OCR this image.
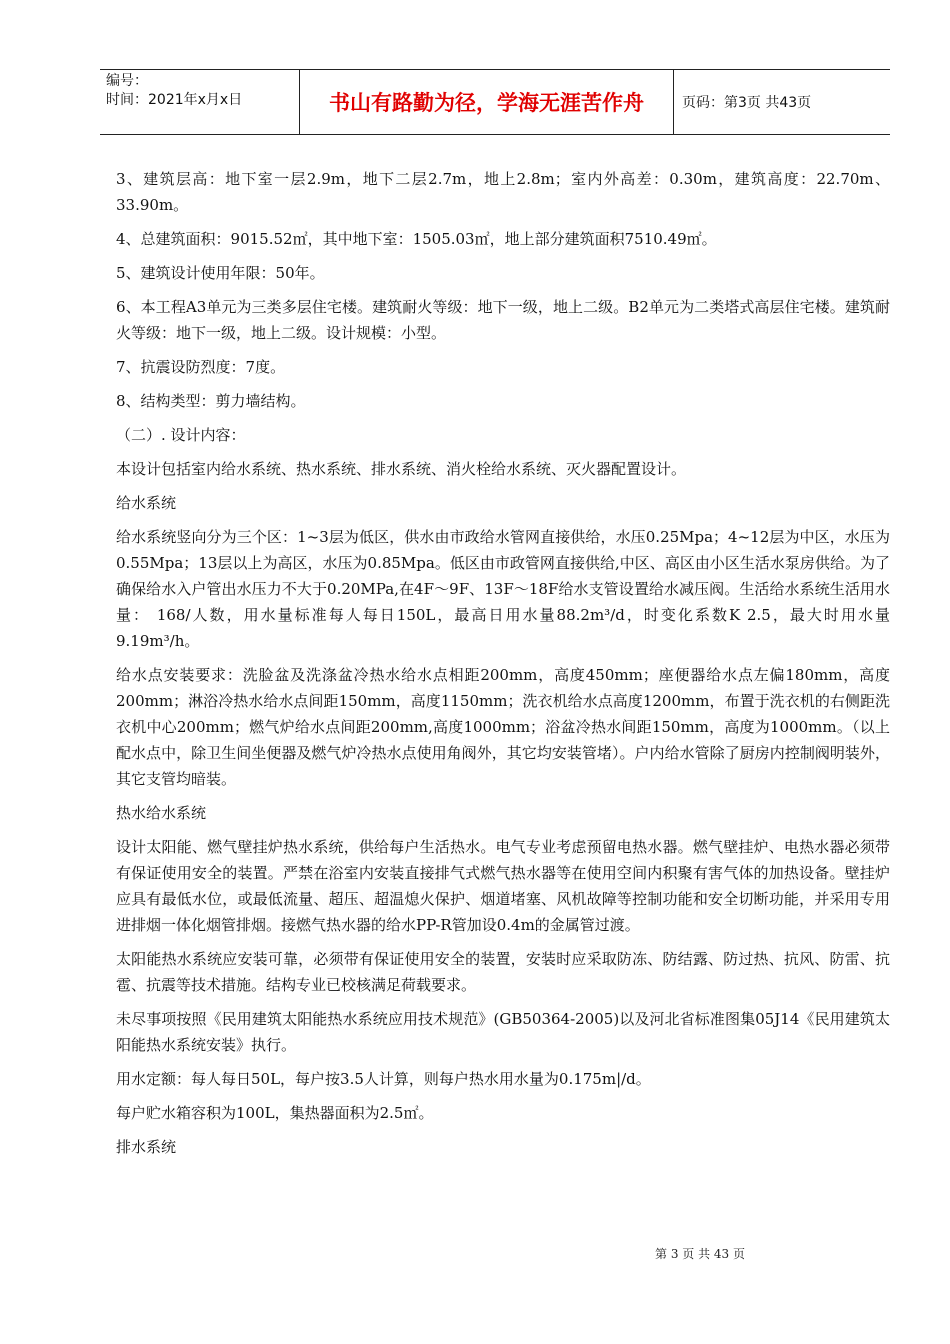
编号：
时间：2021年x月x日	书山有路勤为径，学海无涯苦作舟	页码：第3页 共43页

3、建筑层高：地下室一层2.9m，地下二层2.7m，地上2.8m；室内外高差：0.30m，建筑高度：22.70m、33.90m。

4、总建筑面积：9015.52㎡，其中地下室：1505.03㎡，地上部分建筑面积7510.49㎡。

5、建筑设计使用年限：50年。

6、本工程A3单元为三类多层住宅楼。建筑耐火等级：地下一级，地上二级。B2单元为二类塔式高层住宅楼。建筑耐火等级：地下一级，地上二级。设计规模：小型。

7、抗震设防烈度：7度。

8、结构类型：剪力墙结构。

（二）. 设计内容：

本设计包括室内给水系统、热水系统、排水系统、消火栓给水系统、灭火器配置设计。

给水系统

给水系统竖向分为三个区：1~3层为低区，供水由市政给水管网直接供给，水压0.25Mpa；4~12层为中区，水压为0.55Mpa；13层以上为高区，水压为0.85Mpa。低区由市政管网直接供给,中区、高区由小区生活水泵房供给。为了确保给水入户管出水压力不大于0.20MPa,在4F～9F、13F～18F给水支管设置给水减压阀。生活给水系统生活用水量： 168/人数，用水量标准每人每日150L，最高日用水量88.2m³/d，时变化系数K 2.5，最大时用水量9.19m³/h。

给水点安装要求：洗脸盆及洗涤盆冷热水给水点相距200mm，高度450mm；座便器给水点左偏180mm，高度200mm；淋浴冷热水给水点间距150mm，高度1150mm；洗衣机给水点高度1200mm，布置于洗衣机的右侧距洗衣机中心200mm；燃气炉给水点间距200mm,高度1000mm；浴盆冷热水间距150mm，高度为1000mm。（以上配水点中，除卫生间坐便器及燃气炉冷热水点使用角阀外，其它均安装管堵）。户内给水管除了厨房内控制阀明装外，其它支管均暗装。

热水给水系统

设计太阳能、燃气壁挂炉热水系统，供给每户生活热水。电气专业考虑预留电热水器。燃气壁挂炉、电热水器必须带有保证使用安全的装置。严禁在浴室内安装直接排气式燃气热水器等在使用空间内积聚有害气体的加热设备。壁挂炉应具有最低水位，或最低流量、超压、超温熄火保护、烟道堵塞、风机故障等控制功能和安全切断功能，并采用专用进排烟一体化烟管排烟。接燃气热水器的给水PP-R管加设0.4m的金属管过渡。

太阳能热水系统应安装可靠，必须带有保证使用安全的装置，安装时应采取防冻、防结露、防过热、抗风、防雷、抗雹、抗震等技术措施。结构专业已校核满足荷载要求。

未尽事项按照《民用建筑太阳能热水系统应用技术规范》(GB50364-2005)以及河北省标准图集05J14《民用建筑太阳能热水系统安装》执行。

用水定额：每人每日50L，每户按3.5人计算，则每户热水用水量为0.175m|/d。

每户贮水箱容积为100L，集热器面积为2.5㎡。

排水系统

第 3 页 共 43 页
